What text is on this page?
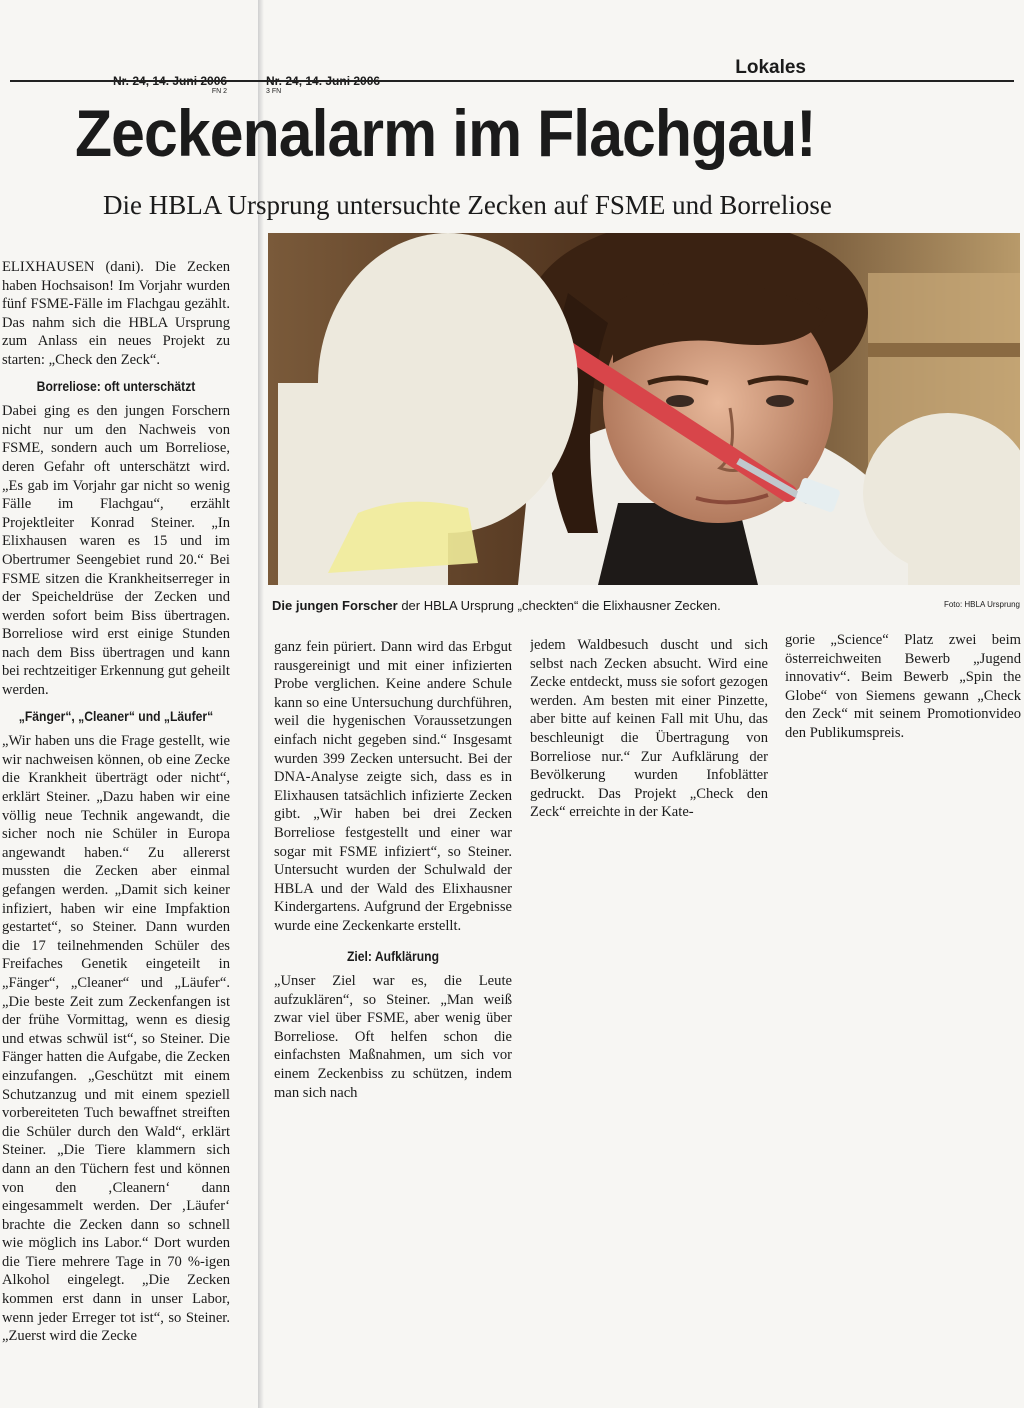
FN 2	3 FN
Lokales
Zeckenalarm im Flachgau!
Die HBLA Ursprung untersuchte Zecken auf FSME und Borreliose
Die jungen Forscher der HBLA Ursprung „checkten“ die Elixhausner Zecken.	Foto: HBLA Ursprung

ELIXHAUSEN (dani). Die Zecken haben Hochsaison! Im Vorjahr wurden fünf FSME-Fälle im Flachgau gezählt. Das nahm sich die HBLA Ursprung zum Anlass ein neues Projekt zu starten: „Check den Zeck“.

Borreliose: oft unterschätzt

Dabei ging es den jungen Forschern nicht nur um den Nachweis von FSME, sondern auch um Borreliose, deren Gefahr oft unterschätzt wird. „Es gab im Vorjahr gar nicht so wenig Fälle im Flachgau“, erzählt Projektleiter Konrad Steiner. „In Elixhausen waren es 15 und im Obertrumer Seengebiet rund 20.“ Bei FSME sitzen die Krankheitserreger in der Speicheldrüse der Zecken und werden sofort beim Biss übertragen. Borreliose wird erst einige Stunden nach dem Biss übertragen und kann bei rechtzeitiger Erkennung gut geheilt werden.

„Fänger“, „Cleaner“ und „Läufer“

„Wir haben uns die Frage gestellt, wie wir nachweisen können, ob eine Zecke die Krankheit überträgt oder nicht“, erklärt Steiner. „Dazu haben wir eine völlig neue Technik angewandt, die sicher noch nie Schüler in Europa angewandt haben.“ Zu allererst mussten die Zecken aber einmal gefangen werden. „Damit sich keiner infiziert, haben wir eine Impfaktion gestartet“, so Steiner. Dann wurden die 17 teilnehmenden Schüler des Freifaches Genetik eingeteilt in „Fänger“, „Cleaner“ und „Läufer“. „Die beste Zeit zum Zeckenfangen ist der frühe Vormittag, wenn es diesig und etwas schwül ist“, so Steiner. Die Fänger hatten die Aufgabe, die Zecken einzufangen. „Geschützt mit einem Schutzanzug und mit einem speziell vorbereiteten Tuch bewaffnet streiften die Schüler durch den Wald“, erklärt Steiner. „Die Tiere klammern sich dann an den Tüchern fest und können von den ‚Cleanern‘ dann eingesammelt werden. Der ‚Läufer‘ brachte die Zecken dann so schnell wie möglich ins Labor.“ Dort wurden die Tiere mehrere Tage in 70 %-igen Alkohol eingelegt. „Die Zecken kommen erst dann in unser Labor, wenn jeder Erreger tot ist“, so Steiner. „Zuerst wird die Zecke

ganz fein püriert. Dann wird das Erbgut rausgereinigt und mit einer infizierten Probe verglichen. Keine andere Schule kann so eine Untersuchung durchführen, weil die hygenischen Voraussetzungen einfach nicht gegeben sind.“ Insgesamt wurden 399 Zecken untersucht. Bei der DNA-Analyse zeigte sich, dass es in Elixhausen tatsächlich infizierte Zecken gibt. „Wir haben bei drei Zecken Borreliose festgestellt und einer war sogar mit FSME infiziert“, so Steiner. Untersucht wurden der Schulwald der HBLA und der Wald des Elixhausner Kindergartens. Aufgrund der Ergebnisse wurde eine Zeckenkarte erstellt.

Ziel: Aufklärung

„Unser Ziel war es, die Leute aufzuklären“, so Steiner. „Man weiß zwar viel über FSME, aber wenig über Borreliose. Oft helfen schon die einfachsten Maßnahmen, um sich vor einem Zeckenbiss zu schützen, indem man sich nach

jedem Waldbesuch duscht und sich selbst nach Zecken absucht. Wird eine Zecke entdeckt, muss sie sofort gezogen werden. Am besten mit einer Pinzette, aber bitte auf keinen Fall mit Uhu, das beschleunigt die Übertragung von Borreliose nur.“ Zur Aufklärung der Bevölkerung wurden Infoblätter gedruckt. Das Projekt „Check den Zeck“ erreichte in der Kate-

gorie „Science“ Platz zwei beim österreichweiten Bewerb „Jugend innovativ“. Beim Bewerb „Spin the Globe“ von Siemens gewann „Check den Zeck“ mit seinem Promotionvideo den Publikumspreis.
